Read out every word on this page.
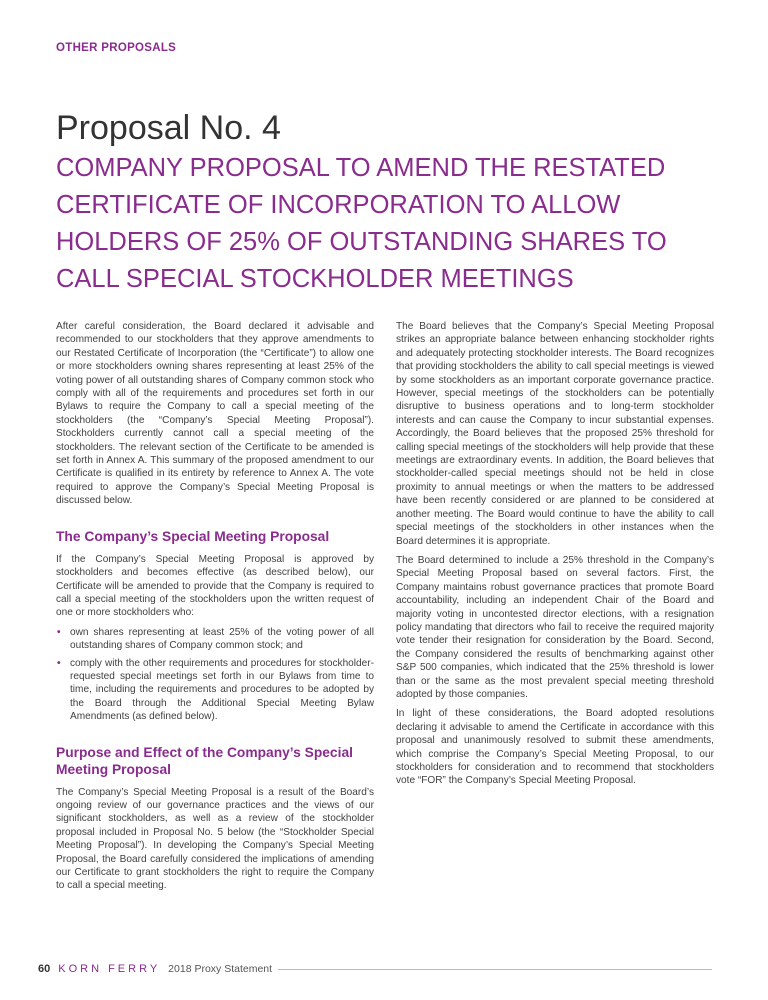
OTHER PROPOSALS
Proposal No. 4
COMPANY PROPOSAL TO AMEND THE RESTATED CERTIFICATE OF INCORPORATION TO ALLOW HOLDERS OF 25% OF OUTSTANDING SHARES TO CALL SPECIAL STOCKHOLDER MEETINGS

After careful consideration, the Board declared it advisable and recommended to our stockholders that they approve amendments to our Restated Certificate of Incorporation (the “Certificate”) to allow one or more stockholders owning shares representing at least 25% of the voting power of all outstanding shares of Company common stock who comply with all of the requirements and procedures set forth in our Bylaws to require the Company to call a special meeting of the stockholders (the “Company’s Special Meeting Proposal”). Stockholders currently cannot call a special meeting of the stockholders. The relevant section of the Certificate to be amended is set forth in Annex A. This summary of the proposed amendment to our Certificate is qualified in its entirety by reference to Annex A. The vote required to approve the Company’s Special Meeting Proposal is discussed below.

The Company’s Special Meeting Proposal

If the Company’s Special Meeting Proposal is approved by stockholders and becomes effective (as described below), our Certificate will be amended to provide that the Company is required to call a special meeting of the stockholders upon the written request of one or more stockholders who:

• own shares representing at least 25% of the voting power of all outstanding shares of Company common stock; and
• comply with the other requirements and procedures for stockholder-requested special meetings set forth in our Bylaws from time to time, including the requirements and procedures to be adopted by the Board through the Additional Special Meeting Bylaw Amendments (as defined below).
Purpose and Effect of the Company’s Special Meeting Proposal

The Company’s Special Meeting Proposal is a result of the Board’s ongoing review of our governance practices and the views of our significant stockholders, as well as a review of the stockholder proposal included in Proposal No. 5 below (the “Stockholder Special Meeting Proposal”). In developing the Company’s Special Meeting Proposal, the Board carefully considered the implications of amending our Certificate to grant stockholders the right to require the Company to call a special meeting.

The Board believes that the Company’s Special Meeting Proposal strikes an appropriate balance between enhancing stockholder rights and adequately protecting stockholder interests. The Board recognizes that providing stockholders the ability to call special meetings is viewed by some stockholders as an important corporate governance practice. However, special meetings of the stockholders can be potentially disruptive to business operations and to long-term stockholder interests and can cause the Company to incur substantial expenses. Accordingly, the Board believes that the proposed 25% threshold for calling special meetings of the stockholders will help provide that these meetings are extraordinary events. In addition, the Board believes that stockholder-called special meetings should not be held in close proximity to annual meetings or when the matters to be addressed have been recently considered or are planned to be considered at another meeting. The Board would continue to have the ability to call special meetings of the stockholders in other instances when the Board determines it is appropriate.

The Board determined to include a 25% threshold in the Company’s Special Meeting Proposal based on several factors. First, the Company maintains robust governance practices that promote Board accountability, including an independent Chair of the Board and majority voting in uncontested director elections, with a resignation policy mandating that directors who fail to receive the required majority vote tender their resignation for consideration by the Board. Second, the Company considered the results of benchmarking against other S&P 500 companies, which indicated that the 25% threshold is lower than or the same as the most prevalent special meeting threshold adopted by those companies.

In light of these considerations, the Board adopted resolutions declaring it advisable to amend the Certificate in accordance with this proposal and unanimously resolved to submit these amendments, which comprise the Company’s Special Meeting Proposal, to our stockholders for consideration and to recommend that stockholders vote “FOR” the Company’s Special Meeting Proposal.

60 KORN FERRY 2018 Proxy Statement
